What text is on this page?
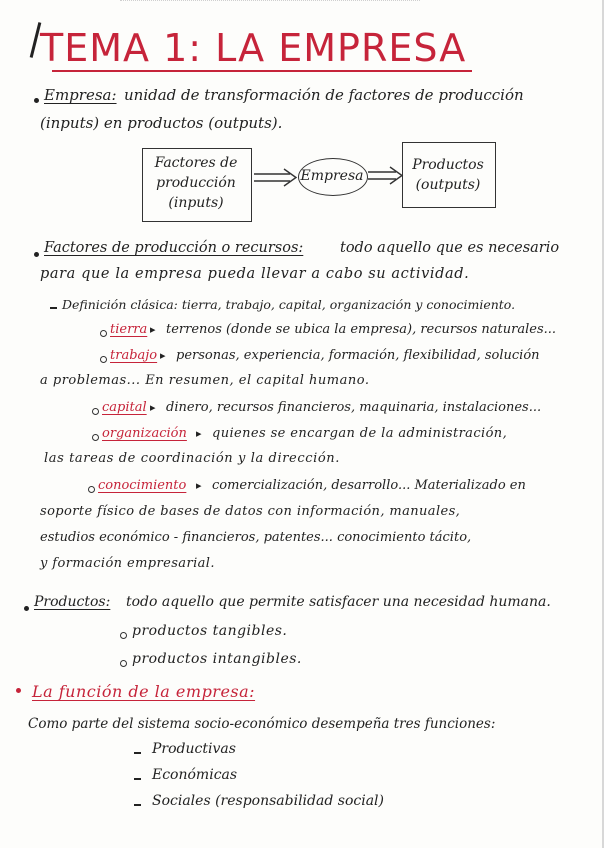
TEMA 1: LA EMPRESA
Empresa: unidad de transformación de factores de producción
(inputs) en productos (outputs).
Factores de
producción
(inputs)
Empresa
Productos
(outputs)
Factores de producción o recursos:	todo aquello que es necesario
para que la empresa pueda llevar a cabo su actividad.
Definición clásica: tierra, trabajo, capital, organización y conocimiento.
tierra ▸ terrenos (donde se ubica la empresa), recursos naturales...
trabajo ▸ personas, experiencia, formación, flexibilidad, solución
a problemas... En resumen, el capital humano.
capital ▸ dinero, recursos financieros, maquinaria, instalaciones...
organización ▸ quienes se encargan de la administración,
las tareas de coordinación y la dirección.
conocimiento ▸ comercialización, desarrollo... Materializado en
soporte físico de bases de datos con información, manuales,
estudios económico - financieros, patentes... conocimiento tácito,
y formación empresarial.
Productos: todo aquello que permite satisfacer una necesidad humana.
productos tangibles.
productos intangibles.
La función de la empresa:
Como parte del sistema socio-económico desempeña tres funciones:
Productivas
Económicas
Sociales (responsabilidad social)
